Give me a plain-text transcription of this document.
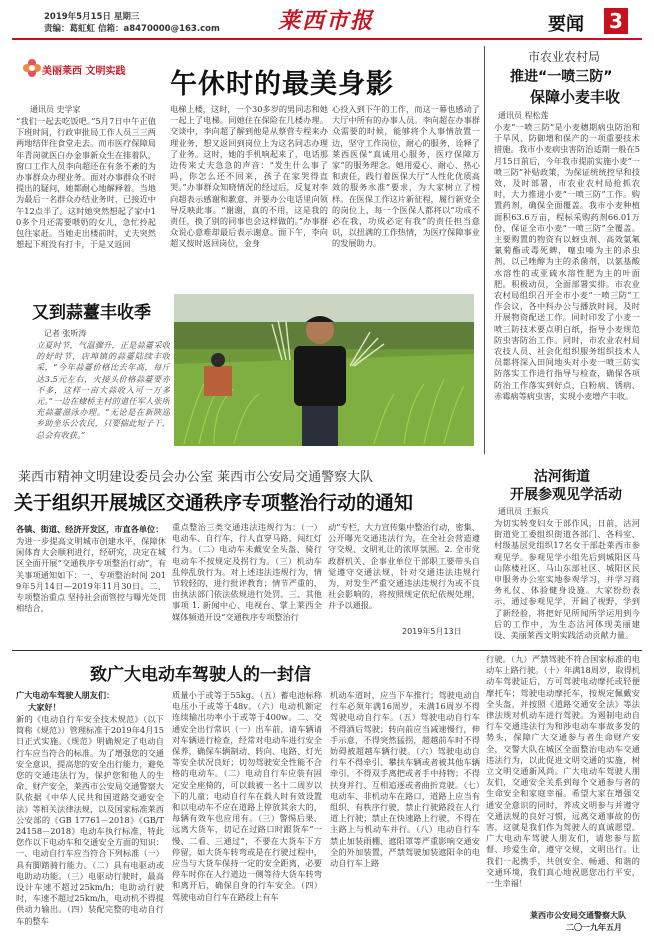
2019年5月15日 星期三
责编：葛虹虹 信箱：a8470000@163.com	莱西市报	要闻 3
美丽莱西 文明实践 午休时的最美身影
通讯员 史学家
“我们一起去吃饭吧。”5月7日中午正值下班时间，行政审批局工作人员三三两两地结伴往食堂走去。而市医疗保障局年青岗就医白办金事新众生在排着队，窗口工作人员李向超还在有条不紊的为办事群众办理业务。面对办事群众不时提出的疑问，她都耐心地解释着。当地为最后一名群众办结业务时，已接近中午12点半了。这时她突然想起了家中10多个月还需要喂奶的女儿，急忙拎起包往家赶。当她走出楼前时，丈夫突然想起下班没有打卡，于是又返回
电梯上楼，这时，一个30多岁的男同志和她一起上了电梯。同她住在保险在几楼办理。交谈中，李向超了解到他是从蔡营专程来办理业务，想又返回到岗位上为这名同志办理了业务。这时，她的手机响起来了，电话那边传来丈夫急急的声音：“发生什么事了吗，你怎么还不回来，孩子在家哭得直哭。”办事群众知晓情况的经过后，反复对李向超表示感谢和歉意，并要办公电话里向领导反映此事。“谢谢，真的不用，这是我的责任，换了别的同事也会这样做的。”办事群众说心意难却最后表示谢意。面下午，李向超又按时返回岗位，金身
心投入到下午的工作，而这一幕也感动了大厅中所有的办事人员。李向超在办事群众需要的时候，能够将个人事情放置一边，坚守工作岗位，耐心的服务，诠释了莱西医保“真诚用心服务，医疗保障万家”的服务理念。她用爱心、耐心、热心和责任，践行着医保大厅“人性化优质高效的服务水准”要求，为大家树立了榜样。在医保工作这片新征程，履行新党全的岗位上，每一个医保人都将以“功成不必在我，功成必定有我”的责任担当意识，以扭满的工作热情，为医疗保障事业的发展助力。
市农业农村局
推进“一喷三防”
保障小麦丰收
通讯员 程松莲
小麦“一喷三防”是小麦穗期病虫防治和于旱风、防御增和保产的一项重要技术措施。我市小麦病虫害防治适期一般在5月15日前后，今年我市提前实施小麦“一喷三防”补贴政策，为保证统统控早和技效，及时部署，市农业农村局抢抓农时，大力推进小麦“一喷三防”工作。购置药剂，确保全面覆盖。我市小麦种植面积63.6万亩，程标采购药剂66.01万份，保证全市小麦“一喷三防”全覆盖。主要购置的物资有以蚜虫剂、高效氯氟氰菊酯或毒死蜱，噻虫嗪为主的杀虫剂，以己唑醇为主的杀菌剂，以氨基酸水溶性的或亚硫水溶性肥为主的叶面肥。积极动员，全面部署实排。市农业农村局组织召开全市小麦“一喷三防”工作会议，各中科办公与播放时间，及时开展物资配送工作。同时印发了小麦一喷三防技术要点明白纸，指导小麦规范防虫害防治工作。同时，市农业农村局农技人员、社会化组织服务组织技术人员都将深入田间地头对小麦一喷三防实防落实工作进行指导与检查，确保各项防治工作落实到好点、白粉病、锈病、赤霉病等病虫害，实现小麦增产丰收。
又到蒜薹丰收季
记者 张听涛
立夏时节，气温骤升，正是蒜薹采收的好时节，店埠镇的蒜薹陆续丰收采，“今年蒜薹价格比去年高，每斤达3.5元左右，火接头价格蒜薹要亦不多，这样一亩大蒜收入可一万多元。”一边在棣桥主村的道任军人张所充蒜薹滋泳办理。“无论是在新陕巡乡助坐乐公农民，只要揣此短子干，总会有收获。”
沽河街道
开展参观见学活动
通讯员 王振兵
为切实转变妇女干部作风，日前，沽河街道党工委组织街道各部门、各科室、村级基层党组织17名女干部赴莱西市参观见学。参观见学小组先后到城阳区马山陈楼社区、马山东部社区、城阳区民申服务办公室实地参观学习，并学习商务礼仪、体验健身设施。大家纷纷表示，通过参观见学，开阔了视野，学到了新经验，将把好见所闻所学运用到今后的工作中，为生态沽河体现美丽建设、美丽莱西文明实践活动贡献力量。
莱西市精神文明建设委员会办公室 莱西市公安局交通警察大队
关于组织开展城区交通秩序专项整治行动的通知
各镇、街道、经济开发区，市直各单位：
为进一步提高文明城市创建水平，保障休闲体育大会顺利进行，经研究，决定在城区全面开展“交通秩序专项整治行动”，有关事项通知如下：一、专项整治时间 2019年5月14日—2019年11月30日。二、专项整治重点 坚持社会面管控与曝光处罚相结合，
重点整治三类交通违法违规行为：（一）电动车、自行车，行人直穿马路，闯红灯行为。（二）电动车未戴安全头盔、骑行电动车不按规定及拐行为。（三）机动车乱停乱放行为。对上述违法违规行为，情节较轻的，进行批评教育；情节严重的，由执法部门依法依规进行处罚。三、其他事项 1. 新闻中心、电视台、掌上莱西全媒体频道开设“交通秩序专项整治行
动”专栏，大力宣传集中整治行动，密集、公开曝光交通违法行为，在全社会营造遵守交规、文明礼让的浓厚氛围。2. 全市党政群机关、企事业单位干部职工要带头自觉遵守交通法规，针对交通违法违规行为，对发生严重交通违法违规行为或不良社会影响的，将按照规定依纪依规处理，并予以通报。
2019年5月13日
致广大电动车驾驶人的一封信
广大电动车驾驶人朋友们：
大家好！
新的《电动自行车安全技术规范》（以下简称《规范》）管理标准于2019年4月15日正式实施。《规范》明确规定了电动自行车应当符合的标准。为了增强您的交通安全意识，提高您的安全出行能力，避免您的交通违法行为，保护您和他人的生命、财产安全，莱西市公安局交通警察大队依据《中华人民共和国道路交通安全法》等相关法律法规，以及国家标准莱西公安部的《GB 17761－2018》《GB/T 24158－2018》电动车执行标准，特此您作以下电动车和交通安全方面的知识：一、电动自行车应当符合下列标准（一）具有脚踏骑行能力。（二）具有电驱动或电助动功能。（三）电驱动行驶时，最高设计车速不超过25km/h；电助动行驶时，车速不超过25km/h，电动机不得提供动力输出。（四）装配完整的电动自行车的整车
质量小于或等于55kg。（五）蓄电池标称电压小于或等于48v。（六）电动机额定连续输出功率小于或等于400w。二、交通安全出行常识（一）出车前，请车辆请对车辆进行检查，经常对电动车进行安全保养，确保车辆制动、转向、电路、灯光等安全状况良好；切勿驾驶安全性能不合格的电动车。（二）电动自行车应装有固定安全座椅的，可以载被一名十二周岁以下的儿童；电动自行车在载人时有效设置和以电动车不应在道路上停放其余大的，每辆有效车也应用有。（三）警惕后果、远离大货车，切记在过路口时跟货车“一慢、二看、三通过”，不要在大货车下方停留，如大货车转弯或是在行驶过程中，应当与大货车保持一定的安全距离，必要停车时你在人行道边一侧等待大货车转弯和离开后，确保自身的行车安全。（四）驾驶电动自行车在路段上有车
机动车道时，应当下车推行；驾驶电动自行车必须年满16周岁，未满16周岁不得驾驶电动自行车。（五）驾驶电动自行车不得酒后驾驶；转向前应当减速慢行，伸手示意，不得突然猛拐，超越前车时不得妨碍被超越车辆行驶。（六）驾驶电动自行车不得牵引、攀扶车辆或者被其他车辆牵引，不得双手离把或者手中持物；不得扶身并行、互相追逐或者曲折竞驶。（七）电动车、非机动车在路口、道路上应当有组织、有秩序行驶，禁止行驶路段在人行道上行驶；禁止在快速路上行驶，不得在主路上与机动车并行。（八）电动自行车禁止加装雨棚、遮阳罩等严重影响交通安全的外加装置，严禁驾驶加装遮阳伞的电动自行车上路
行驶。（九）严禁驾驶不符合国家标准的电动车上路行驶。（十）年满18周岁，取得机动车驾驶证后，方可驾驶电动摩托或轻便摩托车；驾驶电动摩托车，按规定佩戴安全头盔，并按照《道路交通安全法》等法律法规对机动车进行驾驶。为遏制电动自行车交通违法行为和涉电动车事故多发的势头，保障广大交通参与者生命财产安全，交警大队在城区全面整治电动车交通违法行为，以此促进文明交通的实施，树立文明交通新风尚。广大电动车驾驶人朋友们，交通安全关系到每个交通参与者的生命安全和家庭幸福。希望大家在增强交通安全意识的同时，养成文明参与并遵守交通法规的良好习惯，远离交通事故的伤害，这就是我们作为驾驶人的真诚愿望。广大电动车驾驶人朋友们，请您参与监督、珍爱生命，遵守交规，文明出行。让我们一起携手，共创安全、畅通、和谐的交通环境，我们真心地祝愿您出行平安，一生幸福！
莱西市公安局交通警察大队
二〇一九年五月
